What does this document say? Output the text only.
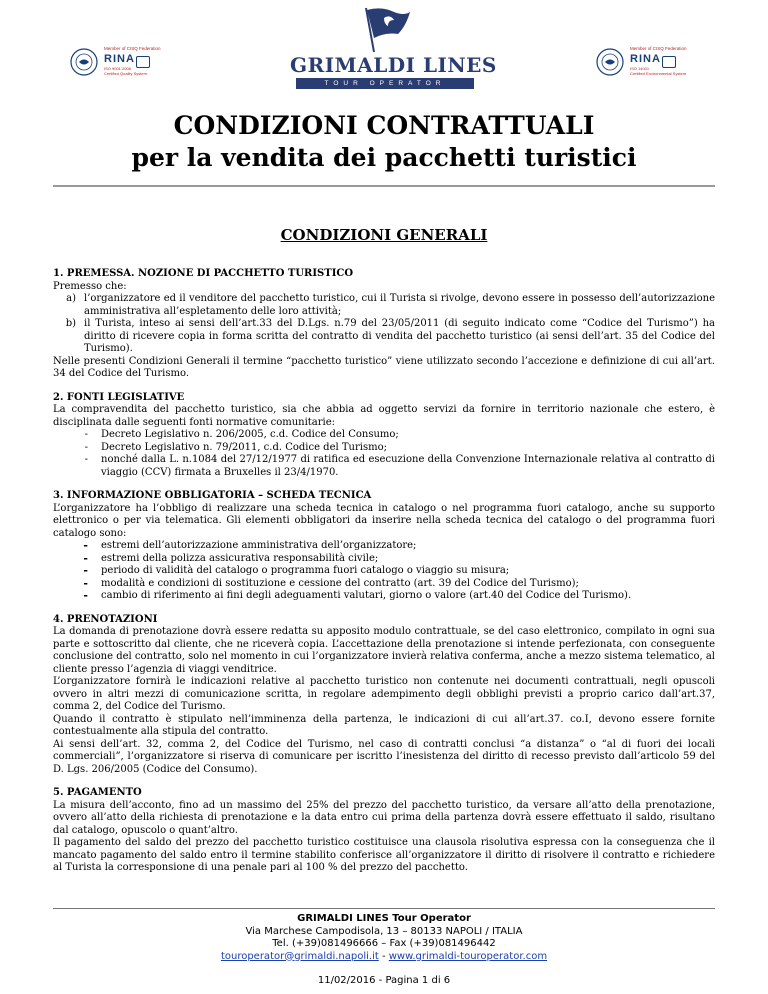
Member of CISQ Federation
RINA
ISO 9001:2008
Certified Quality System	GRIMALDI LINES
TOUR OPERATOR
Member of CISQ Federation
RINA
ISO 14001
Certified Environmental System
CONDIZIONI CONTRATTUALI
per la vendita dei pacchetti turistici
CONDIZIONI GENERALI
1. PREMESSA. NOZIONE DI PACCHETTO TURISTICO

Premesso che:

a) l’organizzatore ed il venditore del pacchetto turistico, cui il Turista si rivolge, devono essere in possesso dell’autorizzazione amministrativa all’espletamento delle loro attività;
b) il Turista, inteso ai sensi dell’art.33 del D.Lgs. n.79 del 23/05/2011 (di seguito indicato come “Codice del Turismo”) ha diritto di ricevere copia in forma scritta del contratto di vendita del pacchetto turistico (ai sensi dell’art. 35 del Codice del Turismo).

Nelle presenti Condizioni Generali il termine “pacchetto turistico” viene utilizzato secondo l’accezione e definizione di cui all’art. 34 del Codice del Turismo.

2. FONTI LEGISLATIVE

La compravendita del pacchetto turistico, sia che abbia ad oggetto servizi da fornire in territorio nazionale che estero, è disciplinata dalle seguenti fonti normative comunitarie:

-	Decreto Legislativo n. 206/2005, c.d. Codice del Consumo;
-	Decreto Legislativo n. 79/2011, c.d. Codice del Turismo;
-	nonché dalla L. n.1084 del 27/12/1977 di ratifica ed esecuzione della Convenzione Internazionale relativa al contratto di viaggio (CCV) firmata a Bruxelles il 23/4/1970.
3. INFORMAZIONE OBBLIGATORIA – SCHEDA TECNICA

L’organizzatore ha l’obbligo di realizzare una scheda tecnica in catalogo o nel programma fuori catalogo, anche su supporto elettronico o per via telematica. Gli elementi obbligatori da inserire nella scheda tecnica del catalogo o del programma fuori catalogo sono:

-	estremi dell’autorizzazione amministrativa dell’organizzatore;
-	estremi della polizza assicurativa responsabilità civile;
-	periodo di validità del catalogo o programma fuori catalogo o viaggio su misura;
-	modalità e condizioni di sostituzione e cessione del contratto (art. 39 del Codice del Turismo);
-	cambio di riferimento ai fini degli adeguamenti valutari, giorno o valore (art.40 del Codice del Turismo).
4. PRENOTAZIONI

La domanda di prenotazione dovrà essere redatta su apposito modulo contrattuale, se del caso elettronico, compilato in ogni sua parte e sottoscritto dal cliente, che ne riceverà copia. L’accettazione della prenotazione si intende perfezionata, con conseguente conclusione del contratto, solo nel momento in cui l’organizzatore invierà relativa conferma, anche a mezzo sistema telematico, al cliente presso l’agenzia di viaggi venditrice.

L’organizzatore fornirà le indicazioni relative al pacchetto turistico non contenute nei documenti contrattuali, negli opuscoli ovvero in altri mezzi di comunicazione scritta, in regolare adempimento degli obblighi previsti a proprio carico dall’art.37, comma 2, del Codice del Turismo.

Quando il contratto è stipulato nell’imminenza della partenza, le indicazioni di cui all’art.37. co.I, devono essere fornite contestualmente alla stipula del contratto.

Ai sensi dell’art. 32, comma 2, del Codice del Turismo, nel caso di contratti conclusi “a distanza” o “al di fuori dei locali commerciali”, l’organizzatore si riserva di comunicare per iscritto l’inesistenza del diritto di recesso previsto dall’articolo 59 del D. Lgs. 206/2005 (Codice del Consumo).

5. PAGAMENTO

La misura dell’acconto, fino ad un massimo del 25% del prezzo del pacchetto turistico, da versare all’atto della prenotazione, ovvero all’atto della richiesta di prenotazione e la data entro cui prima della partenza dovrà essere effettuato il saldo, risultano dal catalogo, opuscolo o quant’altro.

Il pagamento del saldo del prezzo del pacchetto turistico costituisce una clausola risolutiva espressa con la conseguenza che il mancato pagamento del saldo entro il termine stabilito conferisce all’organizzatore il diritto di risolvere il contratto e richiedere al Turista la corresponsione di una penale pari al 100 % del prezzo del pacchetto.

GRIMALDI LINES Tour Operator
Via Marchese Campodisola, 13 – 80133 NAPOLI / ITALIA
Tel. (+39)081496666 – Fax (+39)081496442
touroperator@grimaldi.napoli.it - www.grimaldi-touroperator.com
11/02/2016 - Pagina 1 di 6
